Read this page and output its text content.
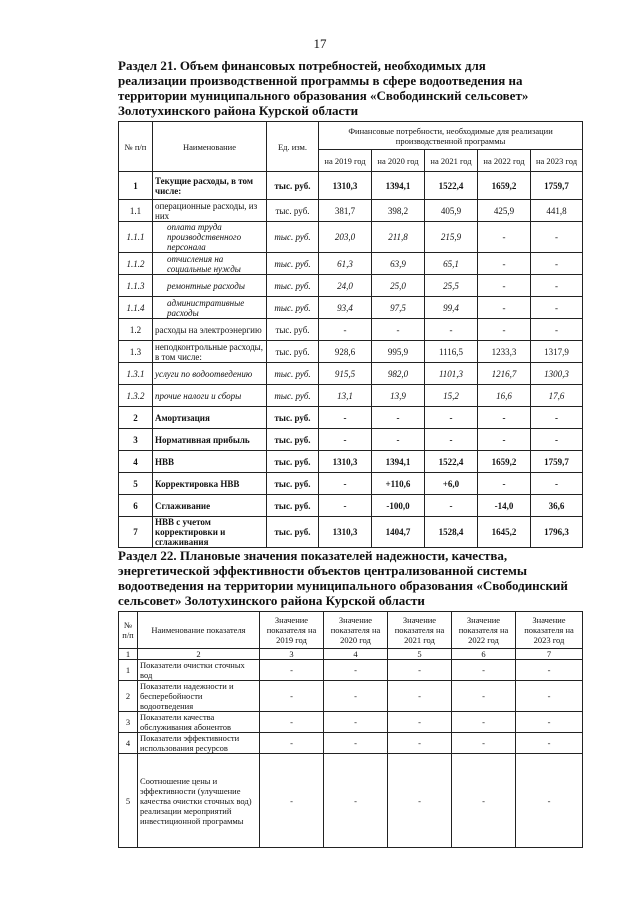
17
Раздел 21. Объем финансовых потребностей, необходимых для
реализации производственной программы в сфере водоотведения на
территории муниципального образования «Свободинский сельсовет»
Золотухинского района Курской области
№ п/п	Наименование	Ед. изм.	Финансовые потребности, необходимые для реализации производственной программы				
			на 2019 год	на 2020 год	на 2021 год	на 2022 год	на 2023 год
1	Текущие расходы, в том числе:	тыс. руб.	1310,3	1394,1	1522,4	1659,2	1759,7
1.1	операционные расходы, из них	тыс. руб.	381,7	398,2	405,9	425,9	441,8
1.1.1	оплата труда производственного персонала	тыс. руб.	203,0	211,8	215,9	-	-
1.1.2	отчисления на социальные нужды	тыс. руб.	61,3	63,9	65,1	-	-
1.1.3	ремонтные расходы	тыс. руб.	24,0	25,0	25,5	-	-
1.1.4	административные расходы	тыс. руб.	93,4	97,5	99,4	-	-
1.2	расходы на электроэнергию	тыс. руб.	-	-	-	-	-
1.3	неподконтрольные расходы, в том числе:	тыс. руб.	928,6	995,9	1116,5	1233,3	1317,9
1.3.1	услуги по водоотведению	тыс. руб.	915,5	982,0	1101,3	1216,7	1300,3
1.3.2	прочие налоги и сборы	тыс. руб.	13,1	13,9	15,2	16,6	17,6
2	Амортизация	тыс. руб.	-	-	-	-	-
3	Нормативная прибыль	тыс. руб.	-	-	-	-	-
4	НВВ	тыс. руб.	1310,3	1394,1	1522,4	1659,2	1759,7
5	Корректировка НВВ	тыс. руб.	-	+110,6	+6,0	-	-
6	Сглаживание	тыс. руб.	-	-100,0	-	-14,0	36,6
7	НВВ с учетом корректировки и сглаживания	тыс. руб.	1310,3	1404,7	1528,4	1645,2	1796,3
Раздел 22. Плановые значения показателей надежности, качества,
энергетической эффективности объектов централизованной системы
водоотведения на территории муниципального образования «Свободинский
сельсовет» Золотухинского района Курской области
№ п/п	Наименование показателя	Значение показателя на 2019 год	Значение показателя на 2020 год	Значение показателя на 2021 год	Значение показателя на 2022 год	Значение показателя на 2023 год
1	2	3	4	5	6	7
1	Показатели очистки сточных вод	-	-	-	-	-
2	Показатели надежности и бесперебойности водоотведения	-	-	-	-	-
3	Показатели качества обслуживания абонентов	-	-	-	-	-
4	Показатели эффективности использования ресурсов	-	-	-	-	-
5	Соотношение цены и эффективности (улучшение качества очистки сточных вод) реализации мероприятий инвестиционной программы	-	-	-	-	-
